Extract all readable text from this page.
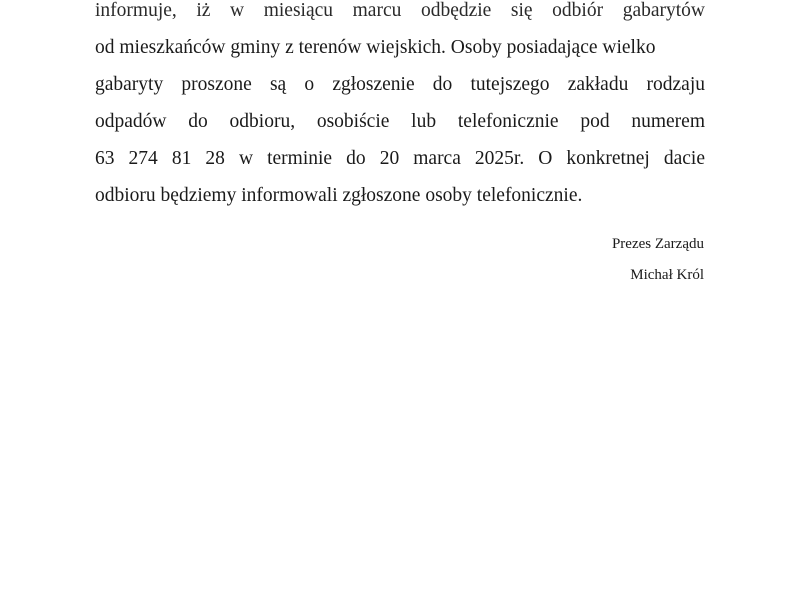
informuje, iż w miesiącu marcu odbędzie się odbiór gabarytów
od mieszkańców gminy z terenów wiejskich. Osoby posiadające wielko
gabaryty proszone są o zgłoszenie do tutejszego zakładu rodzaju
odpadów do odbioru, osobiście lub telefonicznie pod numerem
63 274 81 28 w terminie do 20 marca 2025r. O konkretnej dacie
odbioru będziemy informowali zgłoszone osoby telefonicznie.

Prezes Zarządu

Michał Król
